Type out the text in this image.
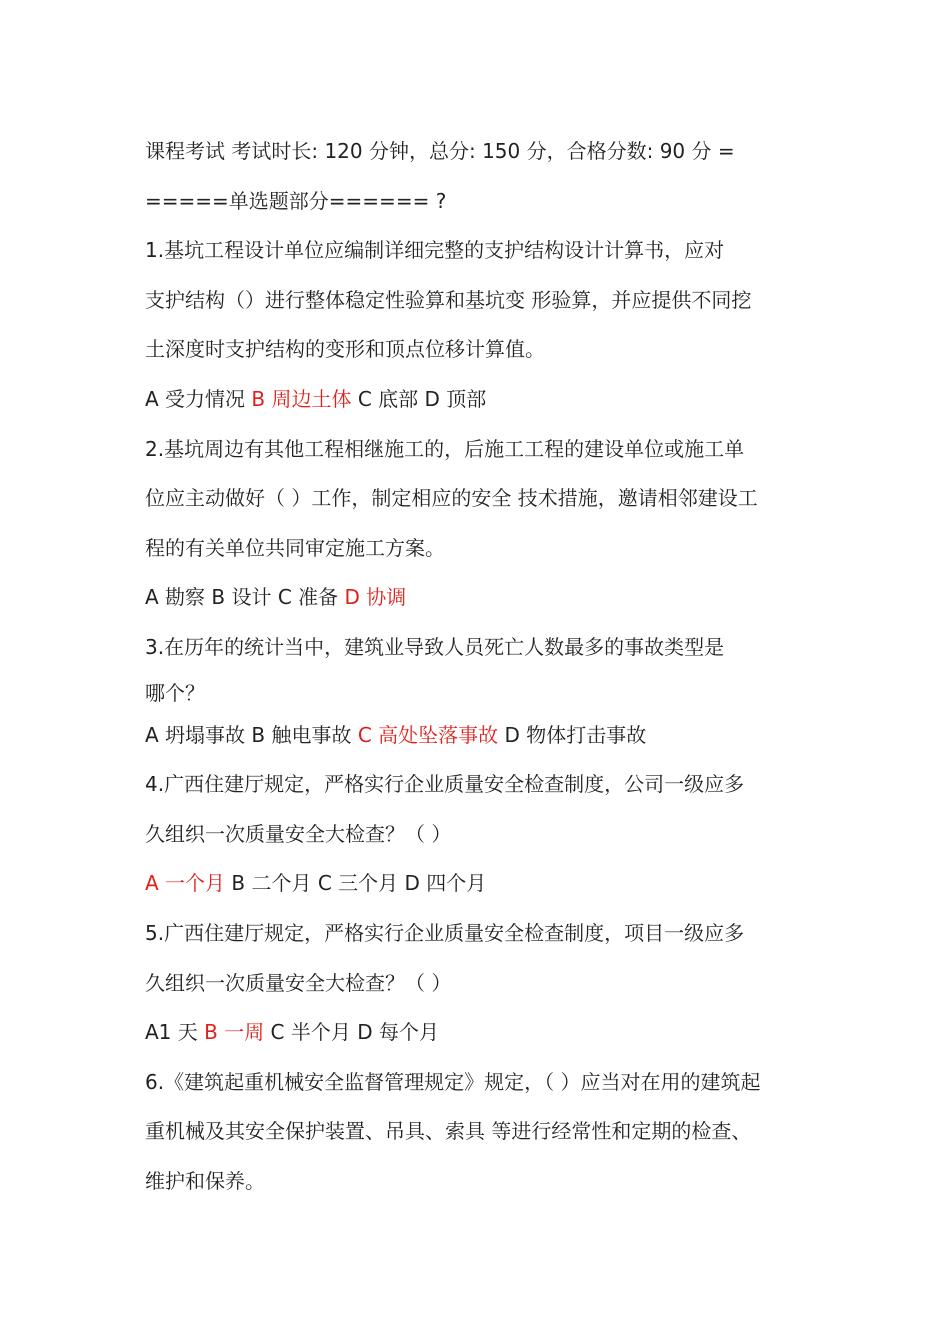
课程考试 考试时长: 120 分钟，总分: 150 分，合格分数: 90 分 =
=====单选题部分====== ?
1.基坑工程设计单位应编制详细完整的支护结构设计计算书，应对
支护结构（）进行整体稳定性验算和基坑变 形验算，并应提供不同挖
土深度时支护结构的变形和顶点位移计算值。
A 受力情况 B 周边土体 C 底部 D 顶部
2.基坑周边有其他工程相继施工的，后施工工程的建设单位或施工单
位应主动做好（ ）工作，制定相应的安全 技术措施，邀请相邻建设工
程的有关单位共同审定施工方案。
A 勘察 B 设计 C 准备 D 协调
3.在历年的统计当中，建筑业导致人员死亡人数最多的事故类型是
哪个？
A 坍塌事故 B 触电事故 C 高处坠落事故 D 物体打击事故
4.广西住建厅规定，严格实行企业质量安全检查制度，公司一级应多
久组织一次质量安全大检查？（ ）
A 一个月 B 二个月 C 三个月 D 四个月
5.广西住建厅规定，严格实行企业质量安全检查制度，项目一级应多
久组织一次质量安全大检查？（ ）
A1 天 B 一周 C 半个月 D 每个月
6.《建筑起重机械安全监督管理规定》规定，（ ）应当对在用的建筑起
重机械及其安全保护装置、吊具、索具 等进行经常性和定期的检查、
维护和保养。
